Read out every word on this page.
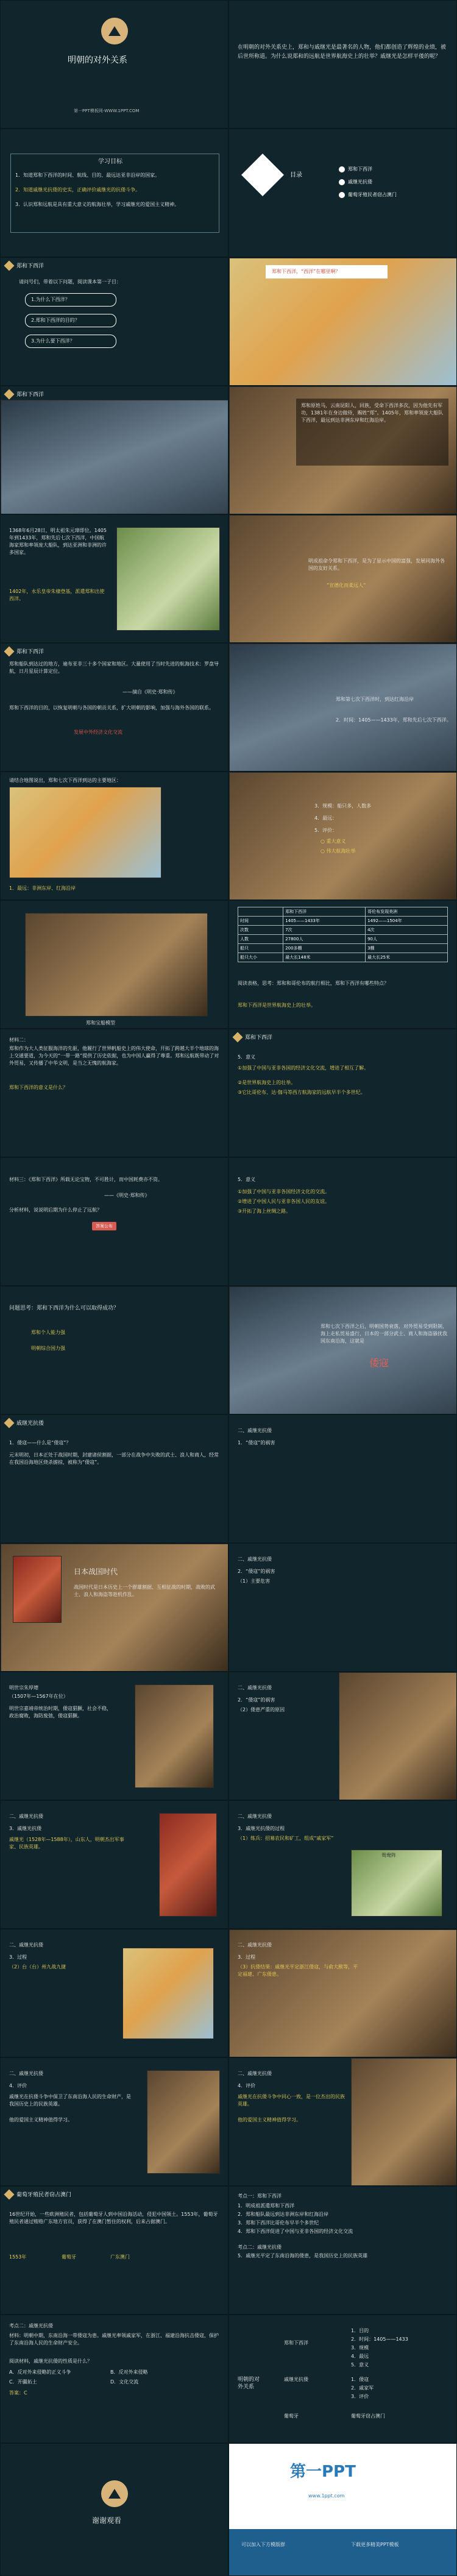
明朝的对外关系
第一PPT模板网-WWW.1PPT.COM
在明朝的对外关系史上，郑和与戚继光是最著名的人物，他们都创造了辉煌的业绩，被后世所称道。为什么说郑和的远航是世界航海史上的壮举？戚继光是怎样平倭的呢？
学习目标
1．知道郑和下西洋的时间、航线、目的、最远达亚非沿岸的国家。
2．知道戚继光抗倭的史实，正确评价戚继光的抗倭斗争。
3．认识郑和远航是具有重大意义的航海壮举，学习戚继光的爱国主义精神。
目录
郑和下西洋
戚继光抗倭
葡萄牙殖民者窃占澳门
郑和下西洋
请问号们，带着以下问题，阅读课本第一子目：
1.为什么下西洋？
2.郑和下西洋的目的？
3.为什么要下西洋？
郑和下西洋，“西洋”在哪里啊？
郑和下西洋
郑和原姓马，云南昆阳人，回族，受命下西洋多次，因为他先有军功，1381年在身边做侍，赐姓“郑”。1405年，郑和率领庞大船队下西洋，最远到达非洲东岸和红海沿岸。
1368年6月28日，明太祖朱元璋即位。1405年到1433年，郑和先后七次下西洋，中国航海家郑和率领庞大船队，到达亚洲和非洲的许多国家。
1402年，永乐皇帝朱棣登基，派遣郑和出使西洋。
明成祖命令郑和下西洋，是为了显示中国的富强，发展同海外各国的友好关系。
“宣德化而柔远人”
郑和下西洋
郑和船队到达过的地方，遍布亚非三十多个国家和地区。大量使用了当时先进的航海技术：罗盘导航，日月星辰计算定位。
——摘自《明史·郑和传》
郑和下西洋的目的，以恢复明朝与各国的朝贡关系，扩大明朝的影响，加强与海外各国的联系。
发展中外经济文化交流
郑和第七次下西洋时，到达红海沿岸
2．时间：1405——1433年，郑和先后七次下西洋。
请结合地图说出，郑和七次下西洋到达的主要地区：
1．最远：非洲东岸、红海沿岸
3．规模：船只多，人数多
4．最远：
5．评价：
○ 重大意义
○ 伟大航海壮举
郑和宝船模型
	郑和下西洋	哥伦布发现美洲
时间	1405——1433年	1492——1504年
次数	7次	4次
人数	27800人	90人
船只	200多艘	3艘
船只大小	最大长148米	最大长25米
阅读表格，思考：郑和和哥伦布的航行相比，郑和下西洋有哪些特点？
郑和下西洋是世界航海史上的壮举。
材料二：
郑和作为大人类征服海洋的先驱，他履行了世界帆船史上的伟大使命，开拓了跨越大半个地球的海上交通要道，为今天的“一带一路”提供了历史依据，也为中国人赢得了尊重。郑和远航既带动了对外贸易，又传播了中华文明，是当之无愧的航海家。
郑和下西洋的意义是什么？
郑和下西洋
5．意义
①加强了中国与亚非各国的经济文化交流，增进了相互了解。
②是世界航海史上的壮举。
③它比哥伦布、达·伽马等西方航海家的远航早半个多世纪。
材料三：《郑和下西洋》所载无论宝物，不可胜计，而中国耗费亦不资。
——《明史·郑和传》
分析材料，说说明后期为什么停止了远航？
答案公布
5．意义
①加强了中国与亚非各国经济文化的交流。
②增进了中国人民与亚非各国人民的友谊。
③开拓了海上丝绸之路。
问题思考：郑和下西洋为什么可以取得成功？
郑和个人能力强
明朝综合国力强
郑和七次下西洋之后，明朝国势衰落，对外贸易受到限制，海上走私贸易盛行，日本的一部分武士、商人和海盗骚扰我国东南沿海，这就是
倭寇
戚继光抗倭
1．倭寇——什么是“倭寇”？
元末明初，日本正处于战国时期，封建诸侯割据，一部分在战争中失败的武士、浪人和商人，经常在我国沿海地区烧杀掳掠，被称为“倭寇”。
二、戚继光抗倭
1．“倭寇”的祸害
日本战国时代
战国时代是日本历史上一个群雄割据、互相征战的时期，战败的武士、浪人和海盗等趁机作乱。
二、戚继光抗倭
2．“倭寇”的祸害
（1）主要危害
明世宗朱厚熜
（1507年—1567年在位）
明世宗嘉靖帝统治时期，倭寇猖獗，社会不稳，政治腐败，海防废弛，倭寇猖獗。
二、戚继光抗倭
2．“倭寇”的祸害
（2）倭患严重的原因
二、戚继光抗倭
3．戚继光抗倭
戚继光（1528年—1588年），山东人，明朝杰出军事家、民族英雄。
二、戚继光抗倭
3．戚继光抗倭的过程
（1）练兵：招募农民和矿工，组成“戚家军”
鸳鸯阵
二、戚继光抗倭
3．过程
（2）台（台）州九战九捷
二、戚继光抗倭
3．过程
（3）抗倭结果：戚继光平定浙江倭寇，与俞大猷等，平定福建、广东倭患。
二、戚继光抗倭
4．评价
戚继光在抗倭斗争中保卫了东南沿海人民的生命财产，是我国历史上的民族英雄。
他的爱国主义精神值得学习。
二、戚继光抗倭
4．评价
戚继光在抗倭斗争中同心一致，是一位杰出的民族英雄。
他的爱国主义精神值得学习。
葡萄牙殖民者窃占澳门
16世纪开始，一些欧洲殖民者，包括葡萄牙人到中国沿海活动，侵犯中国领土。1553年，葡萄牙殖民者通过贿赂广东地方官员，获得了在澳门暂住的权利，后来占据澳门。
1553年	葡萄牙	广东澳门
考点一：郑和下西洋
1．明成祖派遣郑和下西洋
2．郑和船队最远到达非洲东岸和红海沿岸
3．郑和下西洋比哥伦布早半个多世纪
4．郑和下西洋促进了中国与亚非各国的经济文化交流
考点二：戚继光抗倭
5．戚继光平定了东南沿海的倭患，是我国历史上的民族英雄
考点二：戚继光抗倭
材料：明朝中期，东南沿海一带倭寇为患。戚继光率领戚家军，在浙江、福建沿海抗击倭寇，保护了东南沿海人民的生命财产安全。
阅读材料，戚继光抗倭的性质是什么？
A．反对外来侵略的正义斗争	B．反对外来侵略
C．开疆拓土	D．文化交流
答案：C
明朝的对外关系
郑和下西洋
戚继光抗倭
葡萄牙
1．目的
2．时间：1405——1433
3．规模
4．最远
5．意义
1．倭寇
2．戚家军
3．评价
葡萄牙窃占澳门
谢谢观看
第一PPT
www.1ppt.com
可以加入下方模版群	下载更多精美PPT模板
